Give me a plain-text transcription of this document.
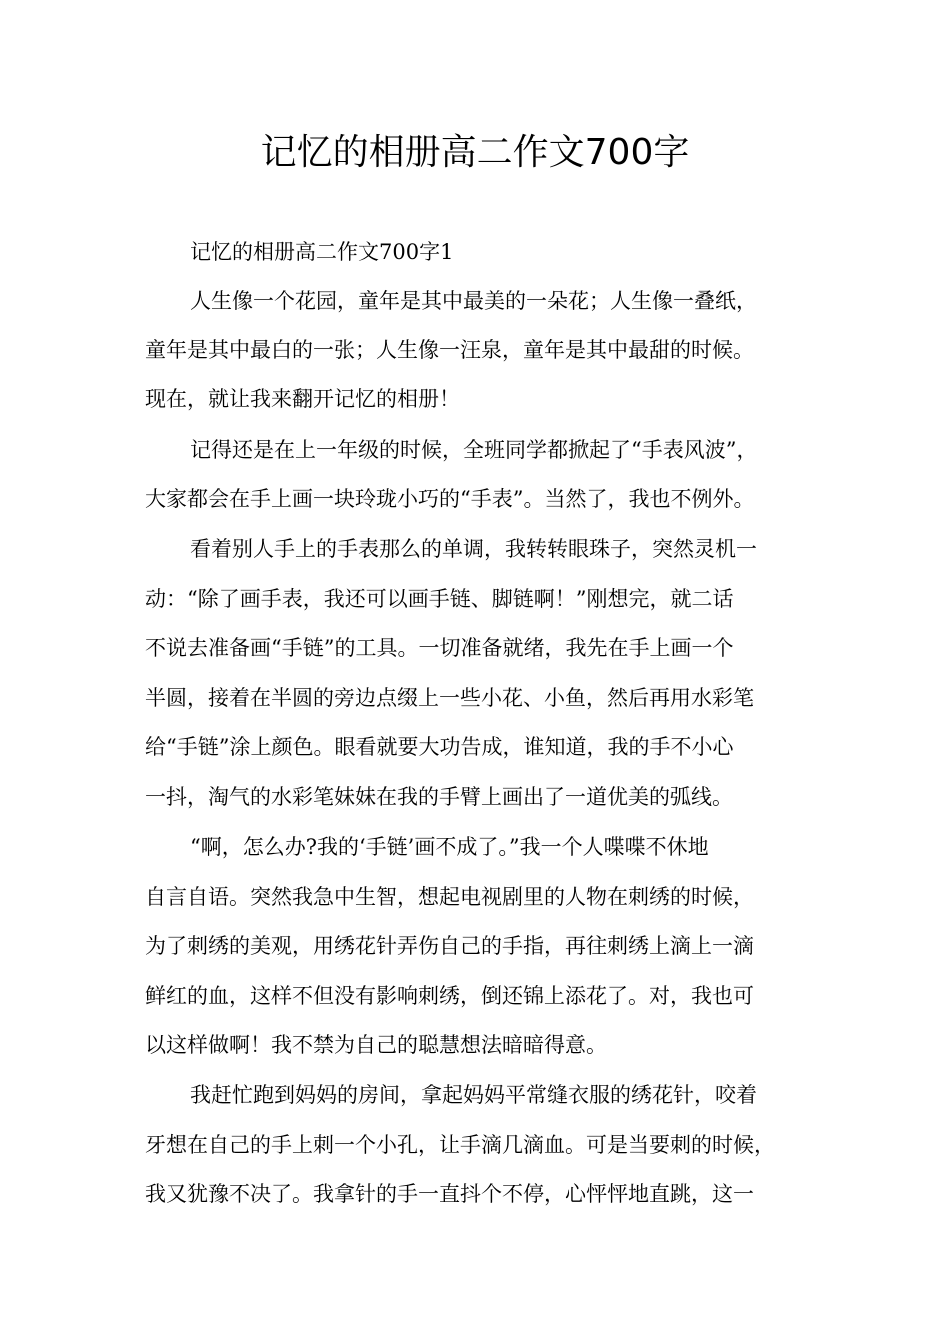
记忆的相册高二作文700字
记忆的相册高二作文700字1
人生像一个花园，童年是其中最美的一朵花；人生像一叠纸，
童年是其中最白的一张；人生像一汪泉，童年是其中最甜的时候。
现在，就让我来翻开记忆的相册！
记得还是在上一年级的时候，全班同学都掀起了“手表风波”，
大家都会在手上画一块玲珑小巧的“手表”。当然了，我也不例外。
看着别人手上的手表那么的单调，我转转眼珠子，突然灵机一
动：“除了画手表，我还可以画手链、脚链啊！”刚想完，就二话
不说去准备画“手链”的工具。一切准备就绪，我先在手上画一个
半圆，接着在半圆的旁边点缀上一些小花、小鱼，然后再用水彩笔
给“手链”涂上颜色。眼看就要大功告成，谁知道，我的手不小心
一抖，淘气的水彩笔妹妹在我的手臂上画出了一道优美的弧线。
“啊，怎么办?我的‘手链’画不成了。”我一个人喋喋不休地
自言自语。突然我急中生智，想起电视剧里的人物在刺绣的时候，
为了刺绣的美观，用绣花针弄伤自己的手指，再往刺绣上滴上一滴
鲜红的血，这样不但没有影响刺绣，倒还锦上添花了。对，我也可
以这样做啊！我不禁为自己的聪慧想法暗暗得意。
我赶忙跑到妈妈的房间，拿起妈妈平常缝衣服的绣花针，咬着
牙想在自己的手上刺一个小孔，让手滴几滴血。可是当要刺的时候，
我又犹豫不决了。我拿针的手一直抖个不停，心怦怦地直跳，这一
